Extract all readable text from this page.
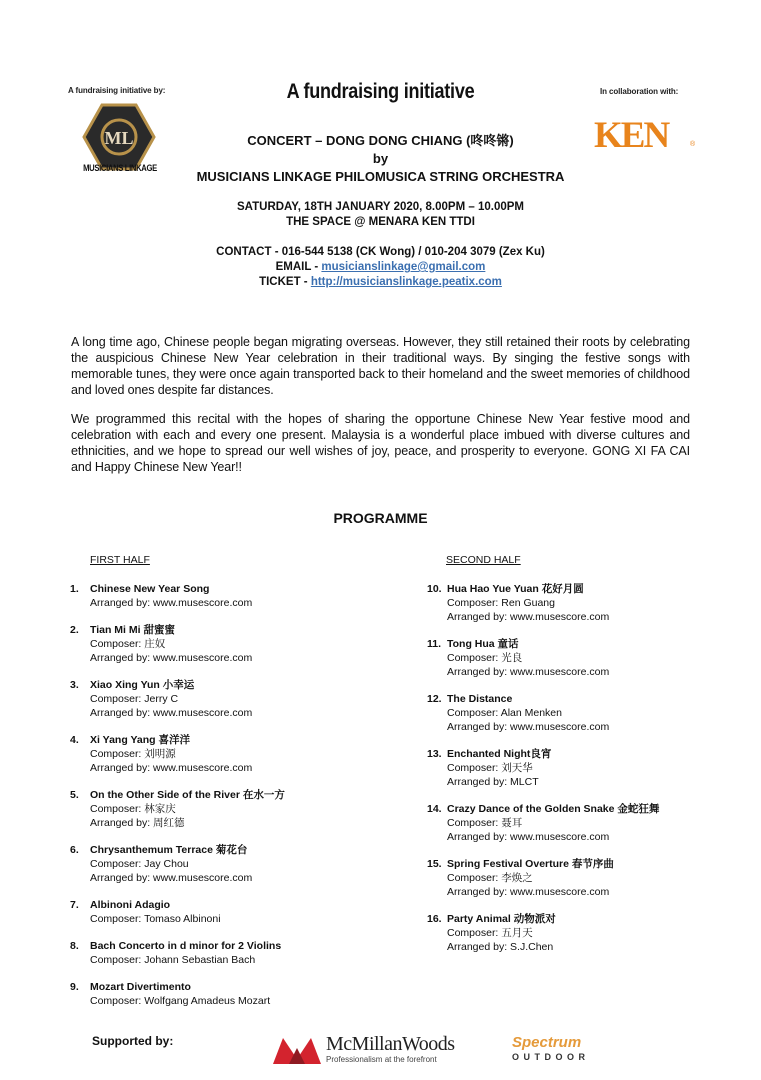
A fundraising initiative by:	A fundraising initiative	In collaboration with:
ML
MUSICIANS LINKAGE
KEN	®
CONCERT – DONG DONG CHIANG (咚咚锵)
by
MUSICIANS LINKAGE PHILOMUSICA STRING ORCHESTRA
SATURDAY, 18TH JANUARY 2020, 8.00PM – 10.00PM
THE SPACE @ MENARA KEN TTDI
CONTACT - 016-544 5138 (CK Wong) / 010-204 3079 (Zex Ku)
EMAIL - musicianslinkage@gmail.com
TICKET - http://musicianslinkage.peatix.com
A long time ago, Chinese people began migrating overseas. However, they still retained their roots by celebrating the auspicious Chinese New Year celebration in their traditional ways. By singing the festive songs with memorable tunes, they were once again transported back to their homeland and the sweet memories of childhood and loved ones despite far distances.
We programmed this recital with the hopes of sharing the opportune Chinese New Year festive mood and celebration with each and every one present. Malaysia is a wonderful place imbued with diverse cultures and ethnicities, and we hope to spread our well wishes of joy, peace, and prosperity to everyone. GONG XI FA CAI and Happy Chinese New Year!!
PROGRAMME
FIRST HALF	SECOND HALF
1. Chinese New Year Song
Arranged by: www.musescore.com
2. Tian Mi Mi 甜蜜蜜
Composer: 庄奴
Arranged by: www.musescore.com
3. Xiao Xing Yun 小幸运
Composer: Jerry C
Arranged by: www.musescore.com
4. Xi Yang Yang 喜洋洋
Composer: 刘明源
Arranged by: www.musescore.com
5. On the Other Side of the River 在水一方
Composer: 林家庆
Arranged by: 周红德
6. Chrysanthemum Terrace 菊花台
Composer: Jay Chou
Arranged by: www.musescore.com
7. Albinoni Adagio
Composer: Tomaso Albinoni
8. Bach Concerto in d minor for 2 Violins
Composer: Johann Sebastian Bach
9. Mozart Divertimento
Composer: Wolfgang Amadeus Mozart
10. Hua Hao Yue Yuan 花好月圆
Composer: Ren Guang
Arranged by: www.musescore.com
11. Tong Hua 童话
Composer: 光良
Arranged by: www.musescore.com
12. The Distance
Composer: Alan Menken
Arranged by: www.musescore.com
13. Enchanted Night良宵
Composer: 刘天华
Arranged by: MLCT
14. Crazy Dance of the Golden Snake 金蛇狂舞
Composer: 聂耳
Arranged by: www.musescore.com
15. Spring Festival Overture 春节序曲
Composer: 李焕之
Arranged by: www.musescore.com
16. Party Animal 动物派对
Composer: 五月天
Arranged by: S.J.Chen
Supported by:	McMillanWoods
Professionalism at the forefront
Spectrum
OUTDOOR
